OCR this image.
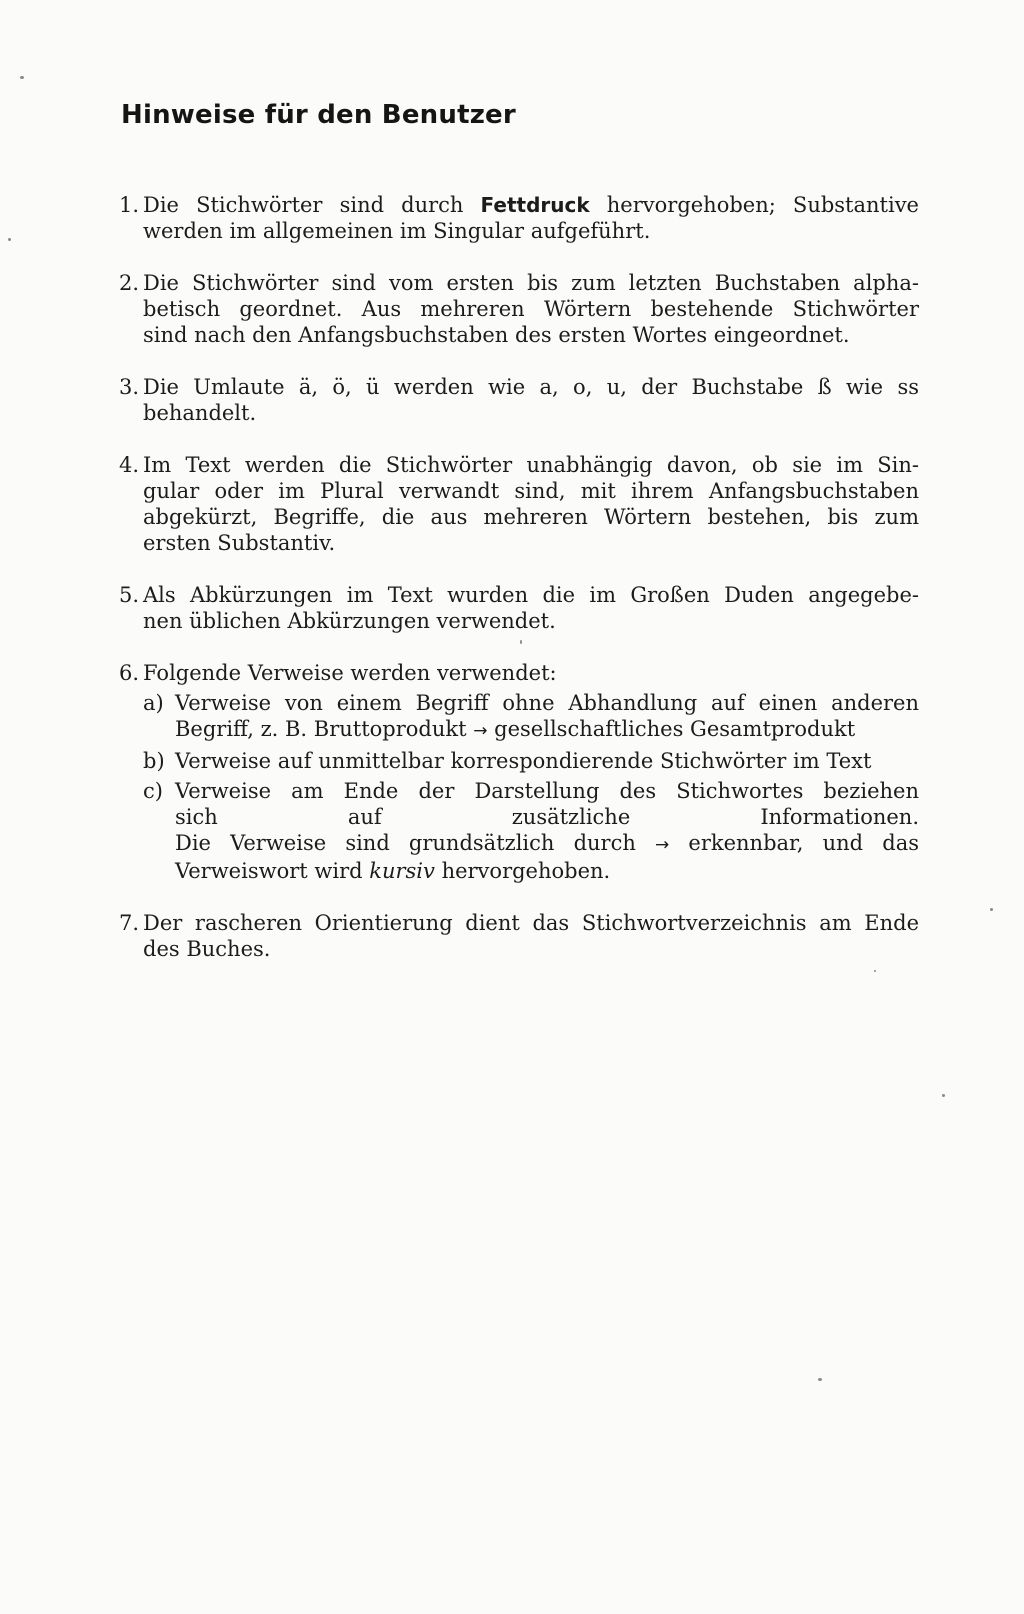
Hinweise für den Benutzer
1. Die Stichwörter sind durch Fettdruck hervorgehoben; Substantive
werden im allgemeinen im Singular aufgeführt.
2. Die Stichwörter sind vom ersten bis zum letzten Buchstaben alpha-
betisch geordnet. Aus mehreren Wörtern bestehende Stichwörter
sind nach den Anfangsbuchstaben des ersten Wortes eingeordnet.
3. Die Umlaute ä, ö, ü werden wie a, o, u, der Buchstabe ß wie ss
behandelt.
4. Im Text werden die Stichwörter unabhängig davon, ob sie im Sin-
gular oder im Plural verwandt sind, mit ihrem Anfangsbuchstaben
abgekürzt, Begriffe, die aus mehreren Wörtern bestehen, bis zum
ersten Substantiv.
5. Als Abkürzungen im Text wurden die im Großen Duden angegebe-
nen üblichen Abkürzungen verwendet.
6. Folgende Verweise werden verwendet:
a) Verweise von einem Begriff ohne Abhandlung auf einen anderen
Begriff, z. B. Bruttoprodukt → gesellschaftliches Gesamtprodukt
b) Verweise auf unmittelbar korrespondierende Stichwörter im Text
c) Verweise am Ende der Darstellung des Stichwortes beziehen
sich auf zusätzliche Informationen.
Die Verweise sind grundsätzlich durch → erkennbar, und das
Verweiswort wird kursiv hervorgehoben.
7. Der rascheren Orientierung dient das Stichwortverzeichnis am Ende
des Buches.
